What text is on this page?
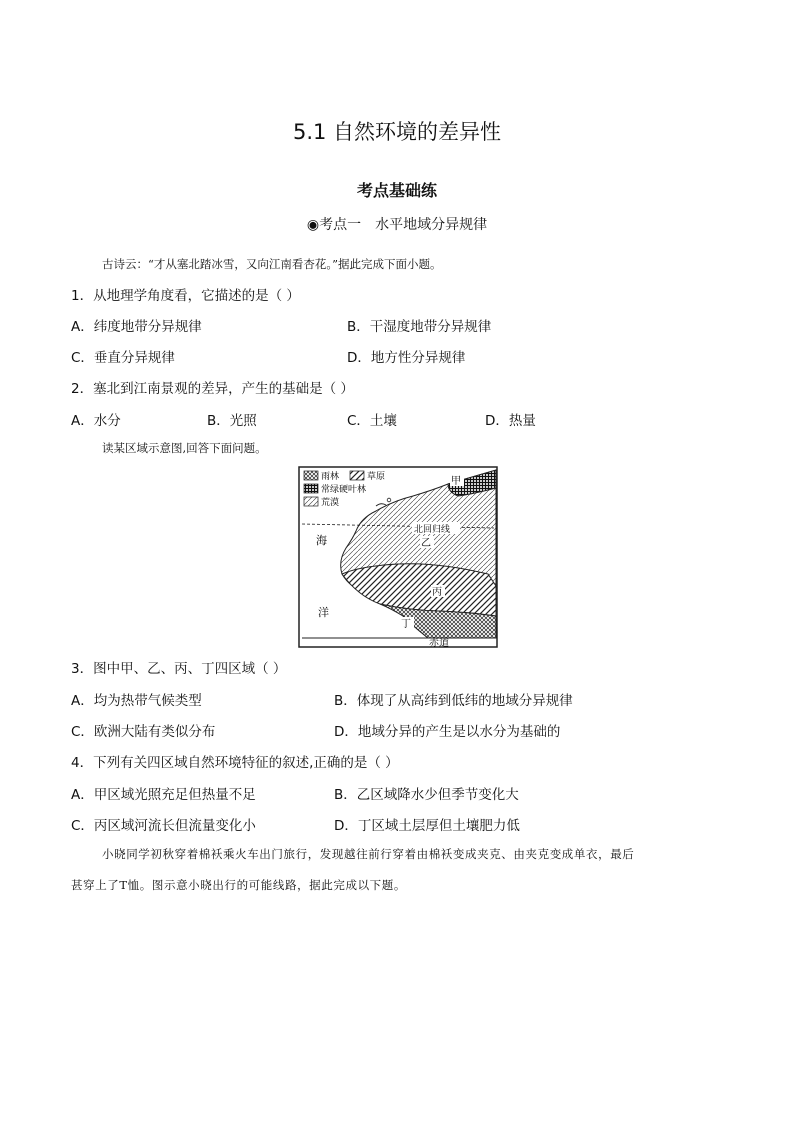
5.1 自然环境的差异性
考点基础练
◉考点一　水平地域分异规律
古诗云：“才从塞北踏冰雪，又向江南看杏花。”据此完成下面小题。
1．从地理学角度看，它描述的是（ ）
A．纬度地带分异规律	B．干湿度地带分异规律
C．垂直分异规律	D．地方性分异规律
2．塞北到江南景观的差异，产生的基础是（ ）
A．水分	B．光照	C．土壤	D．热量
读某区域示意图,回答下面问题。
雨林	草原
常绿硬叶林
荒漠
甲
乙
丙
丁
北回归线
赤道
海
洋
3．图中甲、乙、丙、丁四区域（ ）
A．均为热带气候类型	B．体现了从高纬到低纬的地域分异规律
C．欧洲大陆有类似分布	D．地域分异的产生是以水分为基础的
4．下列有关四区域自然环境特征的叙述,正确的是（ ）
A．甲区域光照充足但热量不足	B．乙区域降水少但季节变化大
C．丙区域河流长但流量变化小	D．丁区域土层厚但土壤肥力低
小晓同学初秋穿着棉袄乘火车出门旅行，发现越往前行穿着由棉袄变成夹克、由夹克变成单衣，最后
甚穿上了T恤。图示意小晓出行的可能线路，据此完成以下题。
